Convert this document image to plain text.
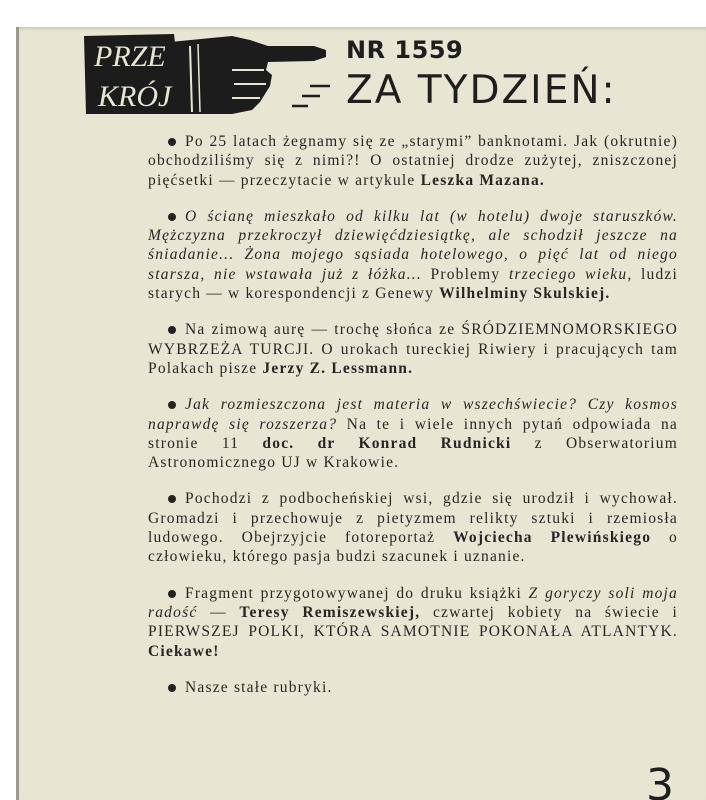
PRZE
KRÓJ
NR 1559
ZA TYDZIEŃ:

Po 25 latach żegnamy się ze „starymi” banknotami. Jak (okrutnie) obchodziliśmy się z nimi?! O ostatniej drodze zużytej, zniszczonej pięćsetki — przeczytacie w artykule Leszka Mazana.

O ścianę mieszkało od kilku lat (w hotelu) dwoje staruszków. Mężczyzna przekroczył dziewięćdziesiątkę, ale schodził jeszcze na śniadanie... Żona mojego sąsiada hotelowego, o pięć lat od niego starsza, nie wstawała już z łóżka... Problemy trzeciego wieku, ludzi starych — w korespondencji z Genewy Wilhelminy Skulskiej.

Na zimową aurę — trochę słońca ze ŚRÓDZIEMNOMORSKIEGO WYBRZEŻA TURCJI. O urokach tureckiej Riwiery i pracujących tam Polakach pisze Jerzy Z. Lessmann.

Jak rozmieszczona jest materia w wszechświecie? Czy kosmos naprawdę się rozszerza? Na te i wiele innych pytań odpowiada na stronie 11 doc. dr Konrad Rudnicki z Obserwatorium Astronomicznego UJ w Krakowie.

Pochodzi z podbocheńskiej wsi, gdzie się urodził i wychował. Gromadzi i przechowuje z pietyzmem relikty sztuki i rzemiosła ludowego. Obejrzyjcie fotoreportaż Wojciecha Plewińskiego o człowieku, którego pasja budzi szacunek i uznanie.

Fragment przygotowywanej do druku książki Z goryczy soli moja radość — Teresy Remiszewskiej, czwartej kobiety na świecie i PIERWSZEJ POLKI, KTÓRA SAMOTNIE POKONAŁA ATLANTYK. Ciekawe!

Nasze stałe rubryki.

3
